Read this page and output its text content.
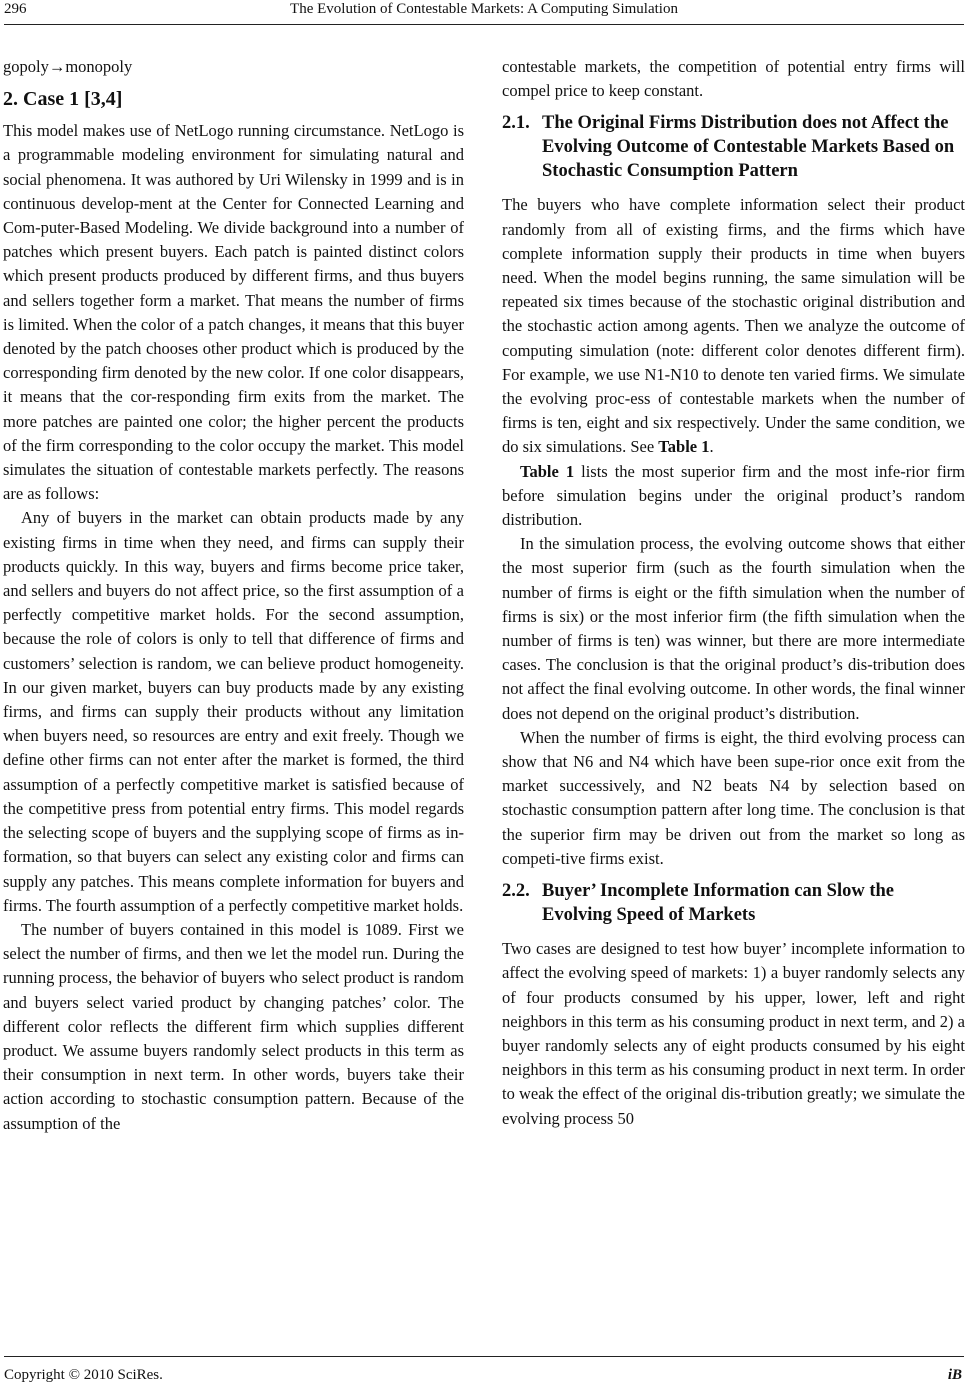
296	The Evolution of Contestable Markets: A Computing Simulation

gopoly→monopoly

2. Case 1 [3,4]

This model makes use of NetLogo running circumstance. NetLogo is a programmable modeling environment for simulating natural and social phenomena. It was authored by Uri Wilensky in 1999 and is in continuous develop-ment at the Center for Connected Learning and Com-puter-Based Modeling. We divide background into a number of patches which present buyers. Each patch is painted distinct colors which present products produced by different firms, and thus buyers and sellers together form a market. That means the number of firms is limited. When the color of a patch changes, it means that this buyer denoted by the patch chooses other product which is produced by the corresponding firm denoted by the new color. If one color disappears, it means that the cor-responding firm exits from the market. The more patches are painted one color; the higher percent the products of the firm corresponding to the color occupy the market. This model simulates the situation of contestable markets perfectly. The reasons are as follows:

Any of buyers in the market can obtain products made by any existing firms in time when they need, and firms can supply their products quickly. In this way, buyers and firms become price taker, and sellers and buyers do not affect price, so the first assumption of a perfectly competitive market holds. For the second assumption, because the role of colors is only to tell that difference of firms and customers’ selection is random, we can believe product homogeneity. In our given market, buyers can buy products made by any existing firms, and firms can supply their products without any limitation when buyers need, so resources are entry and exit freely. Though we define other firms can not enter after the market is formed, the third assumption of a perfectly competitive market is satisfied because of the competitive press from potential entry firms. This model regards the selecting scope of buyers and the supplying scope of firms as in-formation, so that buyers can select any existing color and firms can supply any patches. This means complete information for buyers and firms. The fourth assumption of a perfectly competitive market holds.

The number of buyers contained in this model is 1089. First we select the number of firms, and then we let the model run. During the running process, the behavior of buyers who select product is random and buyers select varied product by changing patches’ color. The different color reflects the different firm which supplies different product. We assume buyers randomly select products in this term as their consumption in next term. In other words, buyers take their action according to stochastic consumption pattern. Because of the assumption of the

contestable markets, the competition of potential entry firms will compel price to keep constant.

2.1. The Original Firms Distribution does not Affect the Evolving Outcome of Contestable Markets Based on Stochastic Consumption Pattern

The buyers who have complete information select their product randomly from all of existing firms, and the firms which have complete information supply their products in time when buyers need. When the model begins running, the same simulation will be repeated six times because of the stochastic original distribution and the stochastic action among agents. Then we analyze the outcome of computing simulation (note: different color denotes different firm). For example, we use N1-N10 to denote ten varied firms. We simulate the evolving proc-ess of contestable markets when the number of firms is ten, eight and six respectively. Under the same condition, we do six simulations. See Table 1.

Table 1 lists the most superior firm and the most infe-rior firm before simulation begins under the original product’s random distribution.

In the simulation process, the evolving outcome shows that either the most superior firm (such as the fourth simulation when the number of firms is eight or the fifth simulation when the number of firms is six) or the most inferior firm (the fifth simulation when the number of firms is ten) was winner, but there are more intermediate cases. The conclusion is that the original product’s dis-tribution does not affect the final evolving outcome. In other words, the final winner does not depend on the original product’s distribution.

When the number of firms is eight, the third evolving process can show that N6 and N4 which have been supe-rior once exit from the market successively, and N2 beats N4 by selection based on stochastic consumption pattern after long time. The conclusion is that the superior firm may be driven out from the market so long as competi-tive firms exist.

2.2. Buyer’ Incomplete Information can Slow the Evolving Speed of Markets

Two cases are designed to test how buyer’ incomplete information to affect the evolving speed of markets: 1) a buyer randomly selects any of four products consumed by his upper, lower, left and right neighbors in this term as his consuming product in next term, and 2) a buyer randomly selects any of eight products consumed by his eight neighbors in this term as his consuming product in next term. In order to weak the effect of the original dis-tribution greatly; we simulate the evolving process 50

Copyright © 2010 SciRes.	iB
